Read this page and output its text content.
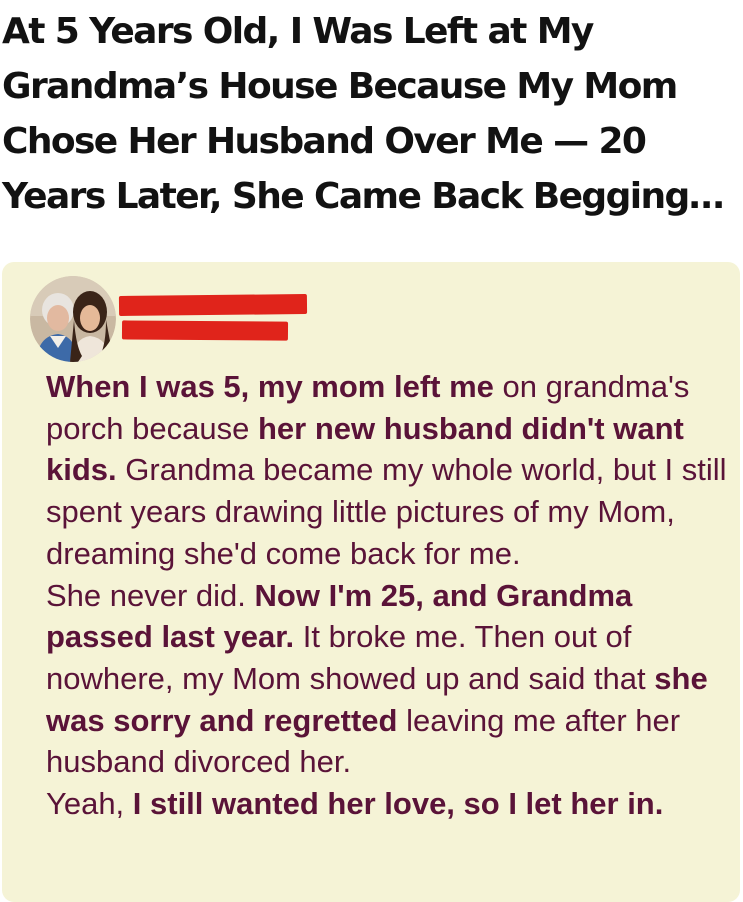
At 5 Years Old, I Was Left at My Grandma’s House Because My Mom Chose Her Husband Over Me — 20 Years Later, She Came Back Begging…

When I was 5, my mom left me on grandma's porch because her new husband didn't want kids. Grandma became my whole world, but I still spent years drawing little pictures of my Mom, dreaming she'd come back for me.
She never did. Now I'm 25, and Grandma passed last year. It broke me. Then out of nowhere, my Mom showed up and said that she was sorry and regretted leaving me after her husband divorced her.
Yeah, I still wanted her love, so I let her in.
